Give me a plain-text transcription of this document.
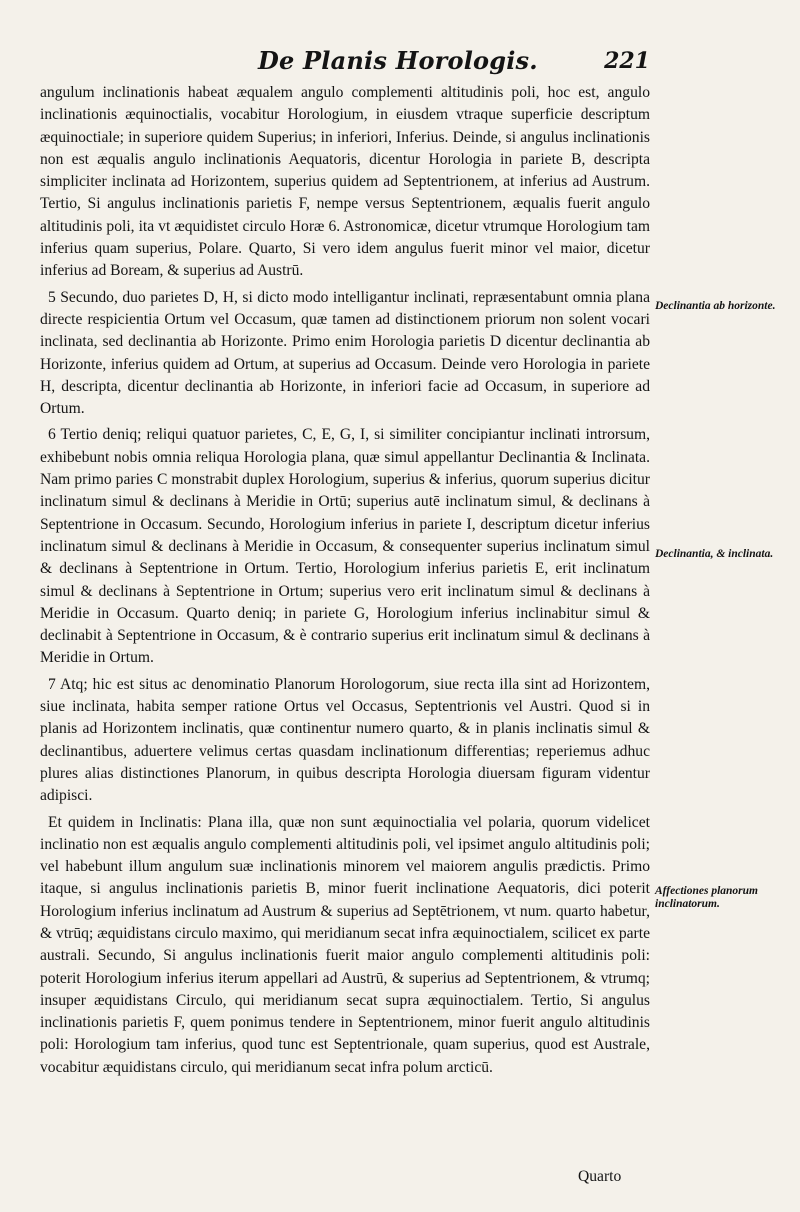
De Planis Horologis.	221

angulum inclinationis habeat æqualem angulo complementi altitudinis poli, hoc est, angulo inclinationis æquinoctialis, vocabitur Horologium, in eiusdem vtraque superficie descriptum æquinoctiale; in superiore quidem Superius; in inferiori, Inferius. Deinde, si angulus inclinationis non est æqualis angulo inclinationis Aequatoris, dicentur Horologia in pariete B, descripta simpliciter inclinata ad Horizontem, superius quidem ad Septentrionem, at inferius ad Austrum. Tertio, Si angulus inclinationis parietis F, nempe versus Septentrionem, æqualis fuerit angulo altitudinis poli, ita vt æquidistet circulo Horæ 6. Astronomicæ, dicetur vtrumque Horologium tam inferius quam superius, Polare. Quarto, Si vero idem angulus fuerit minor vel maior, dicetur inferius ad Boream, & superius ad Austrū.

5 Secundo, duo parietes D, H, si dicto modo intelligantur inclinati, repræsentabunt omnia plana directe respicientia Ortum vel Occasum, quæ tamen ad distinctionem priorum non solent vocari inclinata, sed declinantia ab Horizonte. Primo enim Horologia parietis D dicentur declinantia ab Horizonte, inferius quidem ad Ortum, at superius ad Occasum. Deinde vero Horologia in pariete H, descripta, dicentur declinantia ab Horizonte, in inferiori facie ad Occasum, in superiore ad Ortum.

6 Tertio deniq; reliqui quatuor parietes, C, E, G, I, si similiter concipiantur inclinati introrsum, exhibebunt nobis omnia reliqua Horologia plana, quæ simul appellantur Declinantia & Inclinata. Nam primo paries C monstrabit duplex Horologium, superius & inferius, quorum superius dicitur inclinatum simul & declinans à Meridie in Ortū; superius autē inclinatum simul, & declinans à Septentrione in Occasum. Secundo, Horologium inferius in pariete I, descriptum dicetur inferius inclinatum simul & declinans à Meridie in Occasum, & consequenter superius inclinatum simul & declinans à Septentrione in Ortum. Tertio, Horologium inferius parietis E, erit inclinatum simul & declinans à Septentrione in Ortum; superius vero erit inclinatum simul & declinans à Meridie in Occasum. Quarto deniq; in pariete G, Horologium inferius inclinabitur simul & declinabit à Septentrione in Occasum, & è contrario superius erit inclinatum simul & declinans à Meridie in Ortum.

7 Atq; hic est situs ac denominatio Planorum Horologorum, siue recta illa sint ad Horizontem, siue inclinata, habita semper ratione Ortus vel Occasus, Septentrionis vel Austri. Quod si in planis ad Horizontem inclinatis, quæ continentur numero quarto, & in planis inclinatis simul & declinantibus, aduertere velimus certas quasdam inclinationum differentias; reperiemus adhuc plures alias distinctiones Planorum, in quibus descripta Horologia diuersam figuram videntur adipisci.

Et quidem in Inclinatis: Plana illa, quæ non sunt æquinoctialia vel polaria, quorum videlicet inclinatio non est æqualis angulo complementi altitudinis poli, vel ipsimet angulo altitudinis poli; vel habebunt illum angulum suæ inclinationis minorem vel maiorem angulis prædictis. Primo itaque, si angulus inclinationis parietis B, minor fuerit inclinatione Aequatoris, dici poterit Horologium inferius inclinatum ad Austrum & superius ad Septētrionem, vt num. quarto habetur, & vtrūq; æquidistans circulo maximo, qui meridianum secat infra æquinoctialem, scilicet ex parte australi. Secundo, Si angulus inclinationis fuerit maior angulo complementi altitudinis poli: poterit Horologium inferius iterum appellari ad Austrū, & superius ad Septentrionem, & vtrumq; insuper æquidistans Circulo, qui meridianum secat supra æquinoctialem. Tertio, Si angulus inclinationis parietis F, quem ponimus tendere in Septentrionem, minor fuerit angulo altitudinis poli: Horologium tam inferius, quod tunc est Septentrionale, quam superius, quod est Australe, vocabitur æquidistans circulo, qui meridianum secat infra polum arcticū.

Declinantia ab horizonte.
Declinantia, & inclinata.
Affectiones planorum inclinatorum.
Quarto
